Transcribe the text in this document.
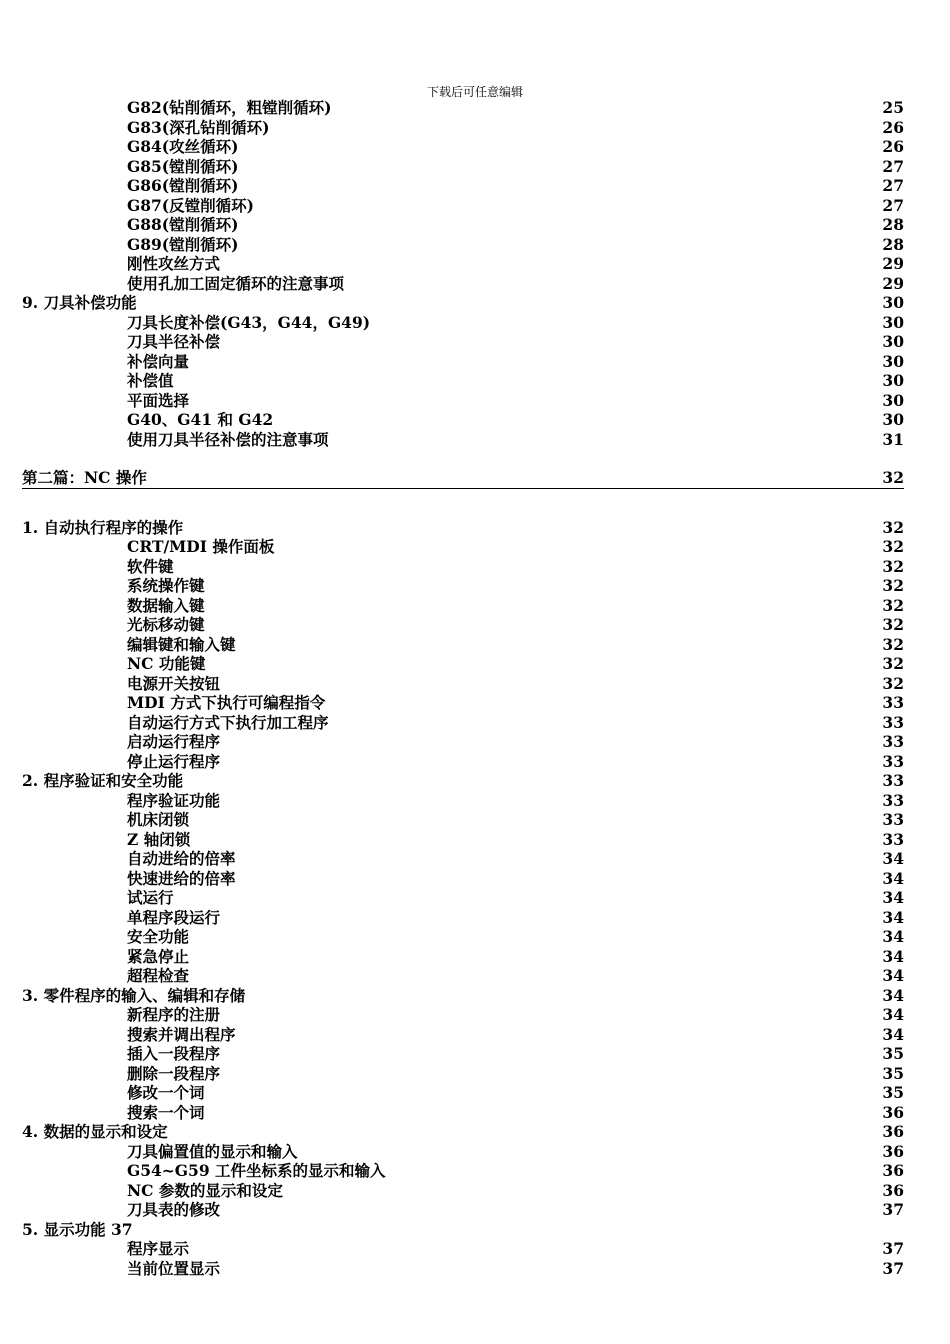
下载后可任意编辑
G82(钻削循环，粗镗削循环)	25
G83(深孔钻削循环)	26
G84(攻丝循环)	26
G85(镗削循环)	27
G86(镗削循环)	27
G87(反镗削循环)	27
G88(镗削循环)	28
G89(镗削循环)	28
刚性攻丝方式	29
使用孔加工固定循环的注意事项	29
9. 刀具补偿功能	30
刀具长度补偿(G43，G44，G49)	30
刀具半径补偿	30
补偿向量	30
补偿值	30
平面选择	30
G40、G41 和 G42	30
使用刀具半径补偿的注意事项	31
第二篇：NC 操作	32
1. 自动执行程序的操作	32
CRT/MDI 操作面板	32
软件键	32
系统操作键	32
数据输入键	32
光标移动键	32
编辑键和输入键	32
NC 功能键	32
电源开关按钮	32
MDI 方式下执行可编程指令	33
自动运行方式下执行加工程序	33
启动运行程序	33
停止运行程序	33
2. 程序验证和安全功能	33
程序验证功能	33
机床闭锁	33
Z 轴闭锁	33
自动进给的倍率	34
快速进给的倍率	34
试运行	34
单程序段运行	34
安全功能	34
紧急停止	34
超程检查	34
3. 零件程序的输入、编辑和存储	34
新程序的注册	34
搜索并调出程序	34
插入一段程序	35
删除一段程序	35
修改一个词	35
搜索一个词	36
4. 数据的显示和设定	36
刀具偏置值的显示和输入	36
G54~G59 工件坐标系的显示和输入	36
NC 参数的显示和设定	36
刀具表的修改	37
5. 显示功能 37
程序显示	37
当前位置显示	37
